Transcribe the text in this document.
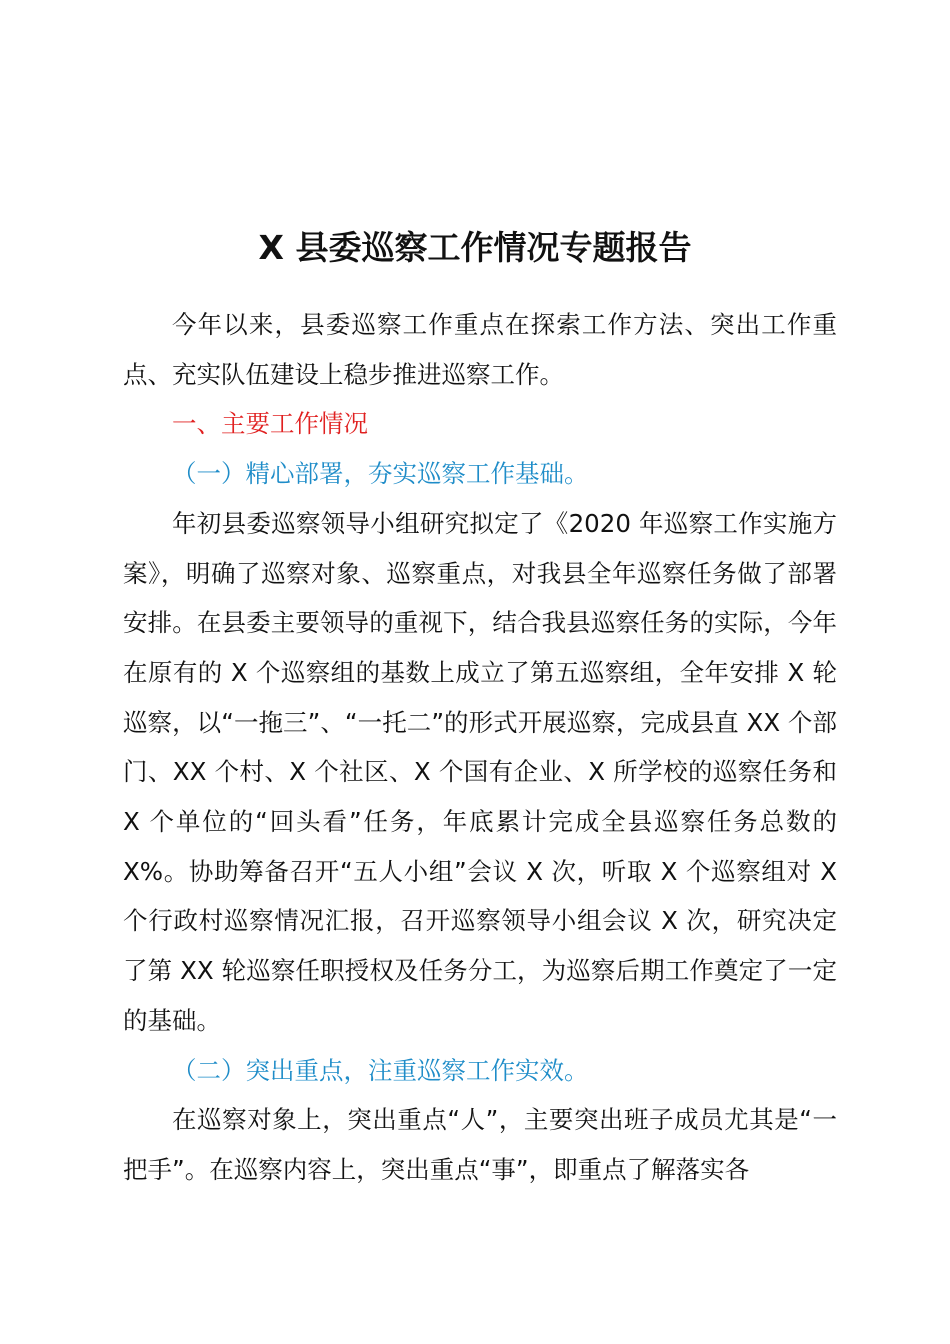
X 县委巡察工作情况专题报告

今年以来，县委巡察工作重点在探索工作方法、突出工作重点、充实队伍建设上稳步推进巡察工作。

一、主要工作情况

（一）精心部署，夯实巡察工作基础。

年初县委巡察领导小组研究拟定了《2020 年巡察工作实施方案》，明确了巡察对象、巡察重点，对我县全年巡察任务做了部署安排。在县委主要领导的重视下，结合我县巡察任务的实际，今年在原有的 X 个巡察组的基数上成立了第五巡察组，全年安排 X 轮巡察，以“一拖三”、“一托二”的形式开展巡察，完成县直 XX 个部门、XX 个村、X 个社区、X 个国有企业、X 所学校的巡察任务和 X 个单位的“回头看”任务，年底累计完成全县巡察任务总数的 X%。协助筹备召开“五人小组”会议 X 次，听取 X 个巡察组对 X 个行政村巡察情况汇报，召开巡察领导小组会议 X 次，研究决定了第 XX 轮巡察任职授权及任务分工，为巡察后期工作奠定了一定的基础。

（二）突出重点，注重巡察工作实效。

在巡察对象上，突出重点“人”，主要突出班子成员尤其是“一把手”。在巡察内容上，突出重点“事”，即重点了解落实各
